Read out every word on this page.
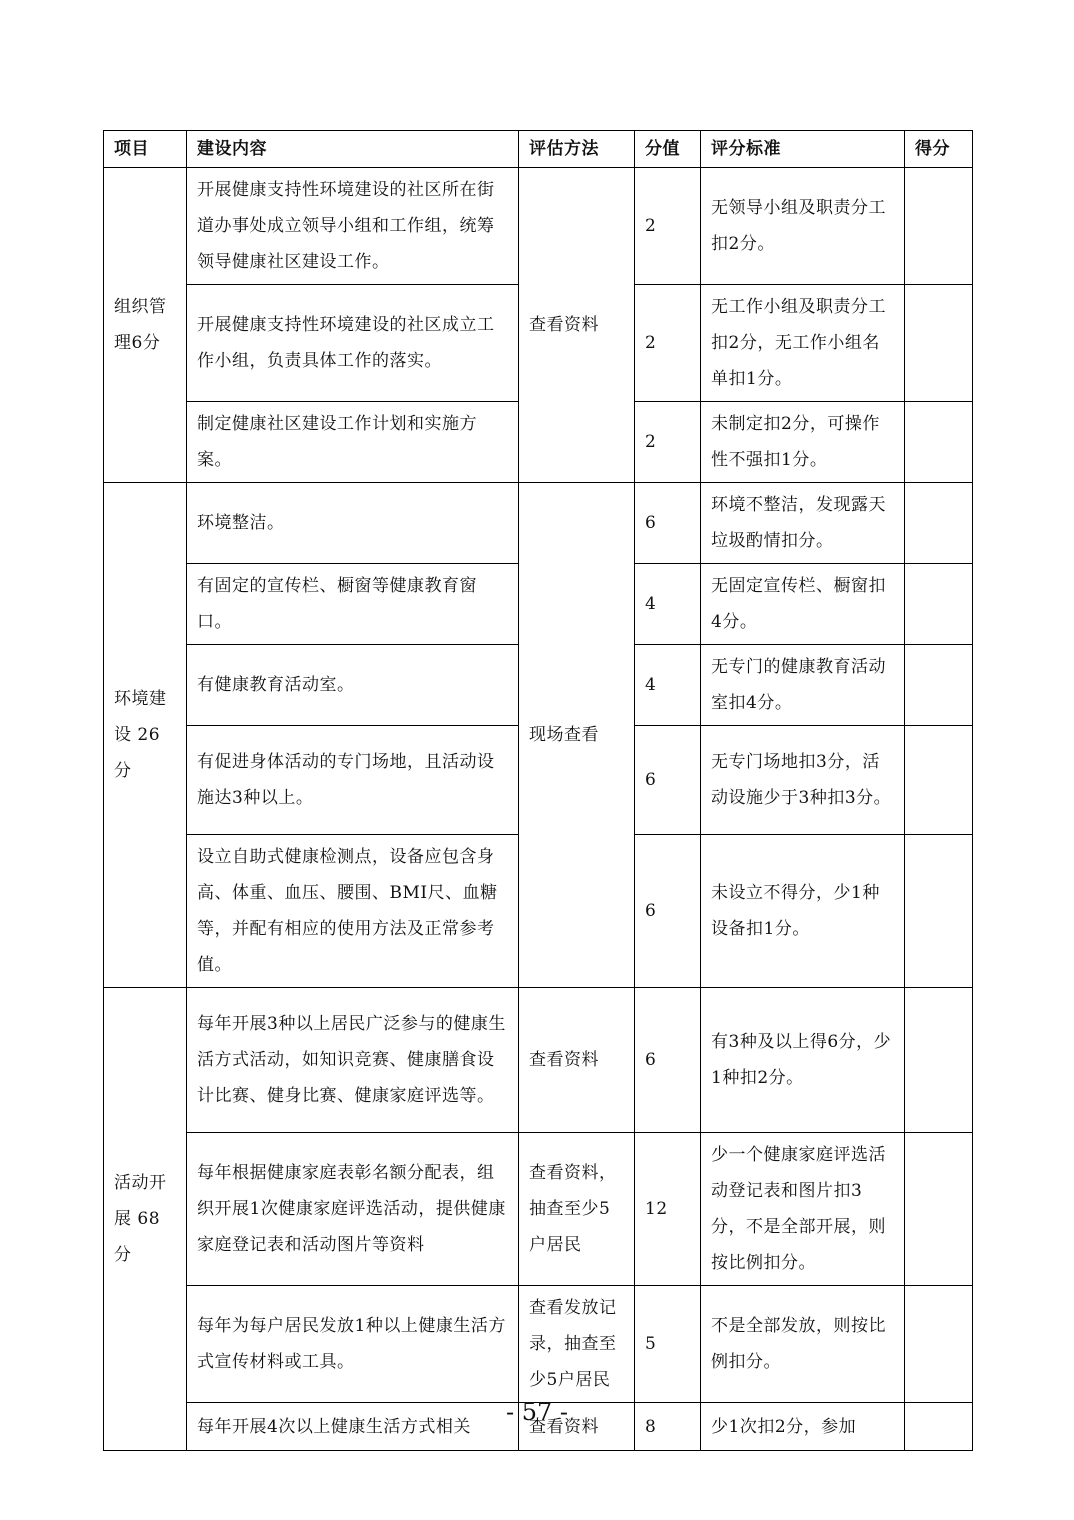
项目	建设内容	评估方法	分值	评分标准	得分
组织管理6分	开展健康支持性环境建设的社区所在街道办事处成立领导小组和工作组，统筹领导健康社区建设工作。	查看资料	2	无领导小组及职责分工扣2分。	
	开展健康支持性环境建设的社区成立工作小组，负责具体工作的落实。		2	无工作小组及职责分工扣2分，无工作小组名单扣1分。	
	制定健康社区建设工作计划和实施方案。		2	未制定扣2分，可操作性不强扣1分。	
环境建设 26分	环境整洁。	现场查看	6	环境不整洁，发现露天垃圾酌情扣分。	
	有固定的宣传栏、橱窗等健康教育窗口。		4	无固定宣传栏、橱窗扣4分。	
	有健康教育活动室。		4	无专门的健康教育活动室扣4分。	
	有促进身体活动的专门场地，且活动设施达3种以上。		6	无专门场地扣3分，活动设施少于3种扣3分。	
	设立自助式健康检测点，设备应包含身高、体重、血压、腰围、BMI尺、血糖等，并配有相应的使用方法及正常参考值。		6	未设立不得分，少1种设备扣1分。	
活动开展 68分	每年开展3种以上居民广泛参与的健康生活方式活动，如知识竞赛、健康膳食设计比赛、健身比赛、健康家庭评选等。	查看资料	6	有3种及以上得6分，少1种扣2分。	
	每年根据健康家庭表彰名额分配表，组织开展1次健康家庭评选活动，提供健康家庭登记表和活动图片等资料	查看资料，抽查至少5户居民	12	少一个健康家庭评选活动登记表和图片扣3分，不是全部开展，则按比例扣分。	
	每年为每户居民发放1种以上健康生活方式宣传材料或工具。	查看发放记录，抽查至少5户居民	5	不是全部发放，则按比例扣分。	
	每年开展4次以上健康生活方式相关	查看资料	8	少1次扣2分，参加	
- 57 -
